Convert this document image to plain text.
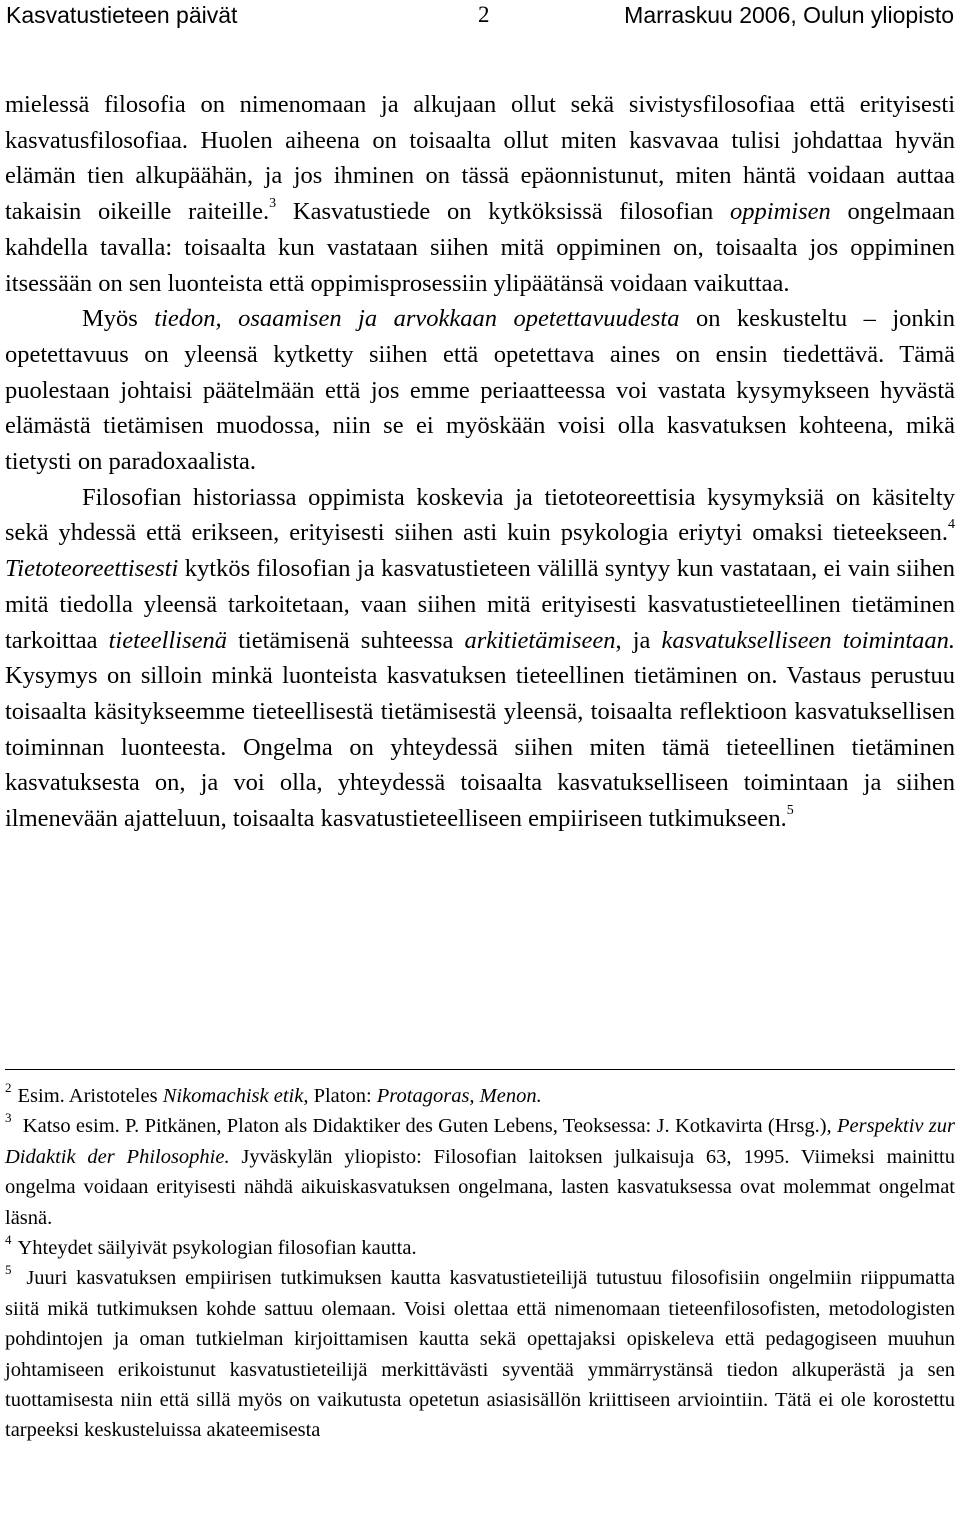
Kasvatustieteen päivät	2	Marraskuu 2006, Oulun yliopisto

mielessä filosofia on nimenomaan ja alkujaan ollut sekä sivistysfilosofiaa että erityisesti kasvatusfilosofiaa. Huolen aiheena on toisaalta ollut miten kasvavaa tulisi johdattaa hyvän elämän tien alkupäähän, ja jos ihminen on tässä epäonnistunut, miten häntä voidaan auttaa takaisin oikeille raiteille.$^3$ Kasvatustiede on kytköksissä filosofian oppimisen ongelmaan kahdella tavalla: toisaalta kun vastataan siihen mitä oppiminen on, toisaalta jos oppiminen itsessään on sen luonteista että oppimisprosessiin ylipäätänsä voidaan vaikuttaa.

Myös tiedon, osaamisen ja arvokkaan opetettavuudesta on keskusteltu – jonkin opetettavuus on yleensä kytketty siihen että opetettava aines on ensin tiedettävä. Tämä puolestaan johtaisi päätelmään että jos emme periaatteessa voi vastata kysymykseen hyvästä elämästä tietämisen muodossa, niin se ei myöskään voisi olla kasvatuksen kohteena, mikä tietysti on paradoxaalista.

Filosofian historiassa oppimista koskevia ja tietoteoreettisia kysymyksiä on käsitelty sekä yhdessä että erikseen, erityisesti siihen asti kuin psykologia eriytyi omaksi tieteekseen.$^4$ Tietoteoreettisesti kytkös filosofian ja kasvatustieteen välillä syntyy kun vastataan, ei vain siihen mitä tiedolla yleensä tarkoitetaan, vaan siihen mitä erityisesti kasvatustieteellinen tietäminen tarkoittaa tieteellisenä tietämisenä suhteessa arkitietämiseen, ja kasvatukselliseen toimintaan. Kysymys on silloin minkä luonteista kasvatuksen tieteellinen tietäminen on. Vastaus perustuu toisaalta käsitykseemme tieteellisestä tietämisestä yleensä, toisaalta reflektioon kasvatuksellisen toiminnan luonteesta. Ongelma on yhteydessä siihen miten tämä tieteellinen tietäminen kasvatuksesta on, ja voi olla, yhteydessä toisaalta kasvatukselliseen toimintaan ja siihen ilmenevään ajatteluun, toisaalta kasvatustieteelliseen empiiriseen tutkimukseen.$^5$

$^2$ Esim. Aristoteles Nikomachisk etik, Platon: Protagoras, Menon.

$^3$ Katso esim. P. Pitkänen, Platon als Didaktiker des Guten Lebens, Teoksessa: J. Kotkavirta (Hrsg.), Perspektiv zur Didaktik der Philosophie. Jyväskylän yliopisto: Filosofian laitoksen julkaisuja 63, 1995. Viimeksi mainittu ongelma voidaan erityisesti nähdä aikuiskasvatuksen ongelmana, lasten kasvatuksessa ovat molemmat ongelmat läsnä.

$^4$ Yhteydet säilyivät psykologian filosofian kautta.

$^5$ Juuri kasvatuksen empiirisen tutkimuksen kautta kasvatustieteilijä tutustuu filosofisiin ongelmiin riippumatta siitä mikä tutkimuksen kohde sattuu olemaan. Voisi olettaa että nimenomaan tieteenfilosofisten, metodologisten pohdintojen ja oman tutkielman kirjoittamisen kautta sekä opettajaksi opiskeleva että pedagogiseen muuhun johtamiseen erikoistunut kasvatustieteilijä merkittävästi syventää ymmärrystänsä tiedon alkuperästä ja sen tuottamisesta niin että sillä myös on vaikutusta opetetun asiasisällön kriittiseen arviointiin. Tätä ei ole korostettu tarpeeksi keskusteluissa akateemisesta
